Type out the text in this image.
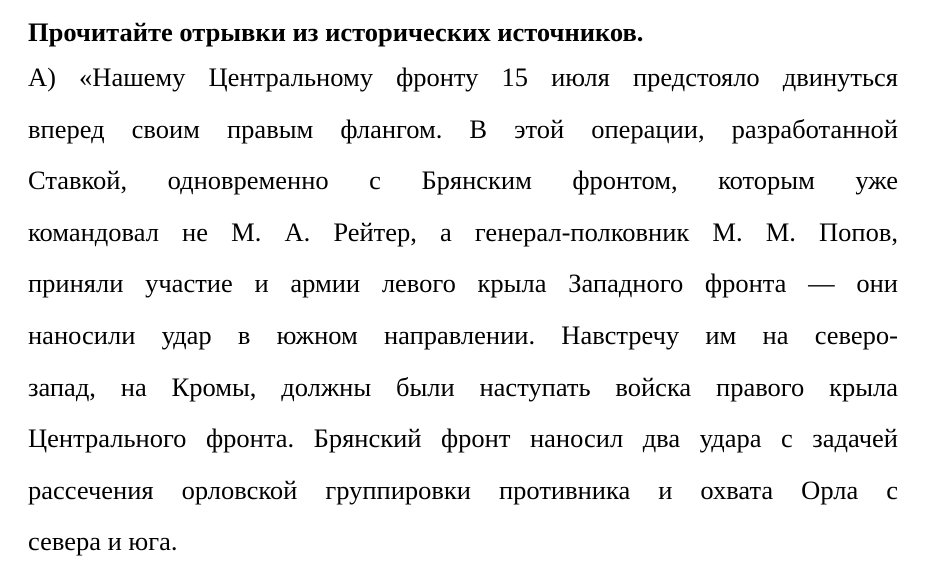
Прочитайте отрывки из исторических источников.
А) «Нашему Центральному фронту 15 июля предстояло двинуться
вперед своим правым флангом. В этой операции, разработанной
Ставкой, одновременно с Брянским фронтом, которым уже
командовал не М. А. Рейтер, а генерал-полковник М. М. Попов,
приняли участие и армии левого крыла Западного фронта — они
наносили удар в южном направлении. Навстречу им на северо-
запад, на Кромы, должны были наступать войска правого крыла
Центрального фронта. Брянский фронт наносил два удара с задачей
рассечения орловской группировки противника и охвата Орла с
севера и юга.
